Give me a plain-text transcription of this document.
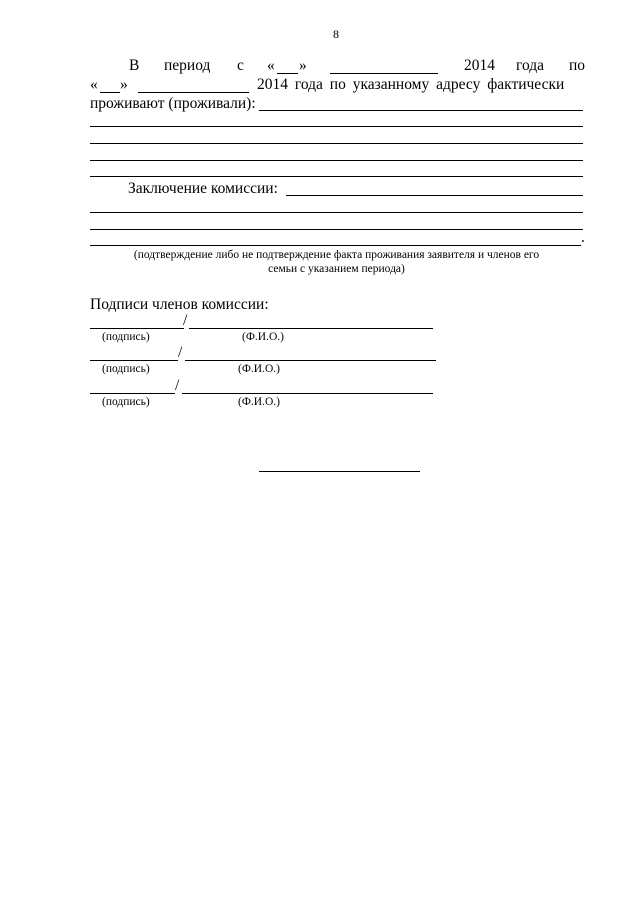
8
В период с « »	2014 года по
« »	2014 года по указанному адресу фактически
проживают (проживали):
Заключение комиссии:
.
(подтверждение либо не подтверждение факта проживания заявителя и членов его
семьи с указанием периода)
Подписи членов комиссии:
/
(подпись)	(Ф.И.О.)
/
(подпись)	(Ф.И.О.)
/
(подпись)	(Ф.И.О.)
